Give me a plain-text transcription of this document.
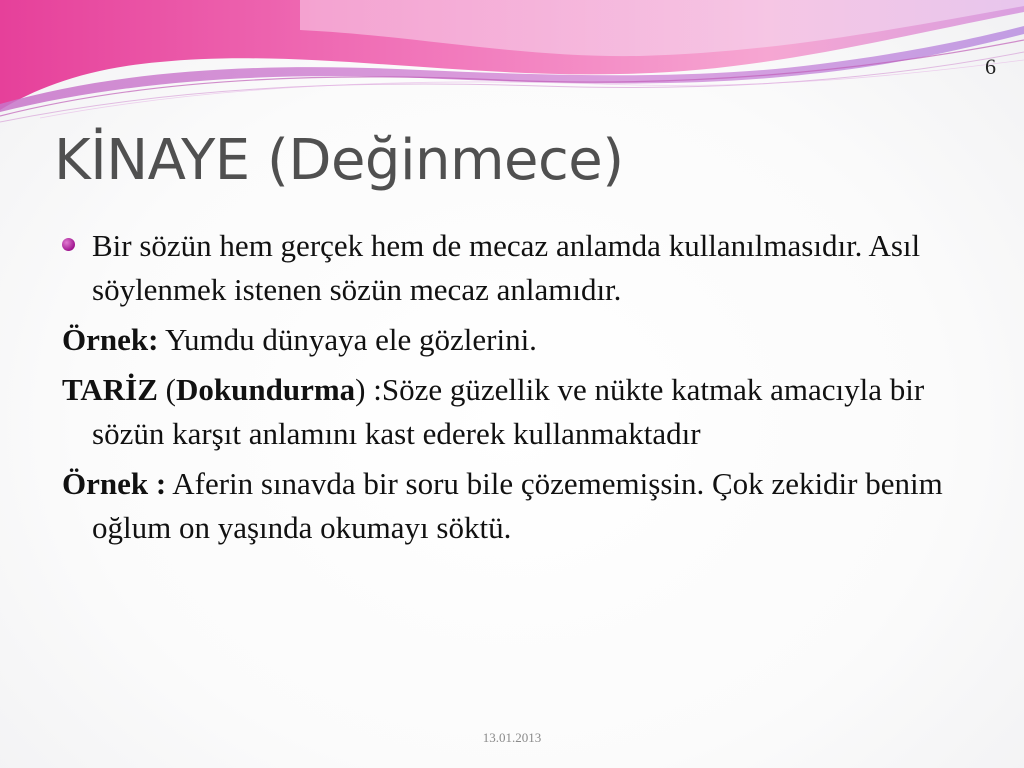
6
KİNAYE (Değinmece)

Bir sözün hem gerçek hem de mecaz anlamda kullanılmasıdır. Asıl söylenmek istenen sözün mecaz anlamıdır.

Örnek: Yumdu dünyaya ele gözlerini.

TARİZ (Dokundurma) :Söze güzellik ve nükte katmak amacıyla bir sözün karşıt anlamını kast ederek kullanmaktadır

Örnek : Aferin sınavda bir soru bile çözememişsin. Çok zekidir benim oğlum on yaşında okumayı söktü.

13.01.2013
